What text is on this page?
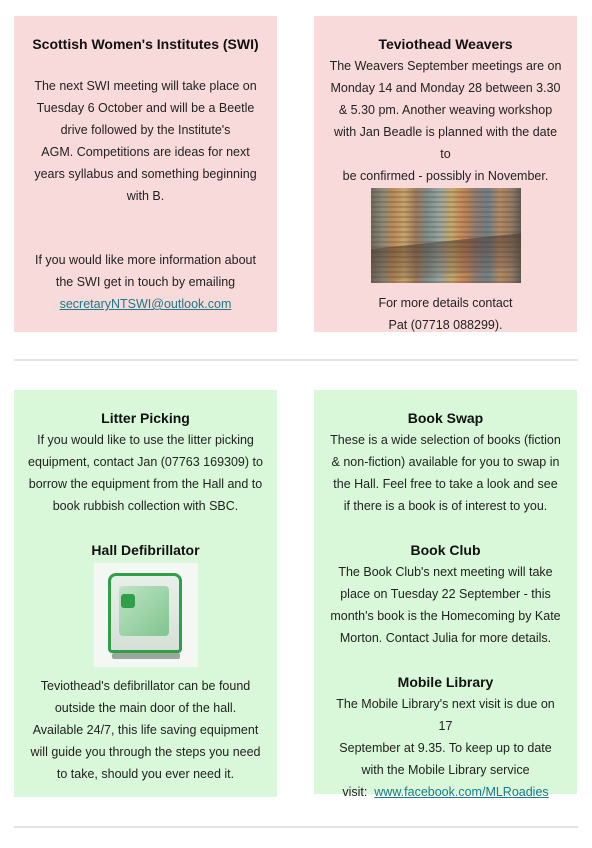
Scottish Women's Institutes (SWI)

The next SWI meeting will take place on
Tuesday 6 October and will be a Beetle
drive followed by the Institute's
AGM. Competitions are ideas for next
years syllabus and something beginning
with B.

If you would like more information about
the SWI get in touch by emailing
secretaryNTSWI@outlook.com

Teviothead Weavers

The Weavers September meetings are on
Monday 14 and Monday 28 between 3.30
& 5.30 pm. Another weaving workshop
with Jan Beadle is planned with the date to
be confirmed - possibly in November.

For more details contact
Pat (07718 088299).

Litter Picking

If you would like to use the litter picking
equipment, contact Jan (07763 169309) to
borrow the equipment from the Hall and to
book rubbish collection with SBC.

Hall Defibrillator

Teviothead's defibrillator can be found
outside the main door of the hall.
Available 24/7, this life saving equipment
will guide you through the steps you need
to take, should you ever need it.

Book Swap

These is a wide selection of books (fiction
& non-fiction) available for you to swap in
the Hall. Feel free to take a look and see
if there is a book is of interest to you.

Book Club

The Book Club's next meeting will take
place on Tuesday 22 September - this
month's book is the Homecoming by Kate
Morton. Contact Julia for more details.

Mobile Library

The Mobile Library's next visit is due on 17
September at 9.35. To keep up to date
with the Mobile Library service
visit: www.facebook.com/MLRoadies
